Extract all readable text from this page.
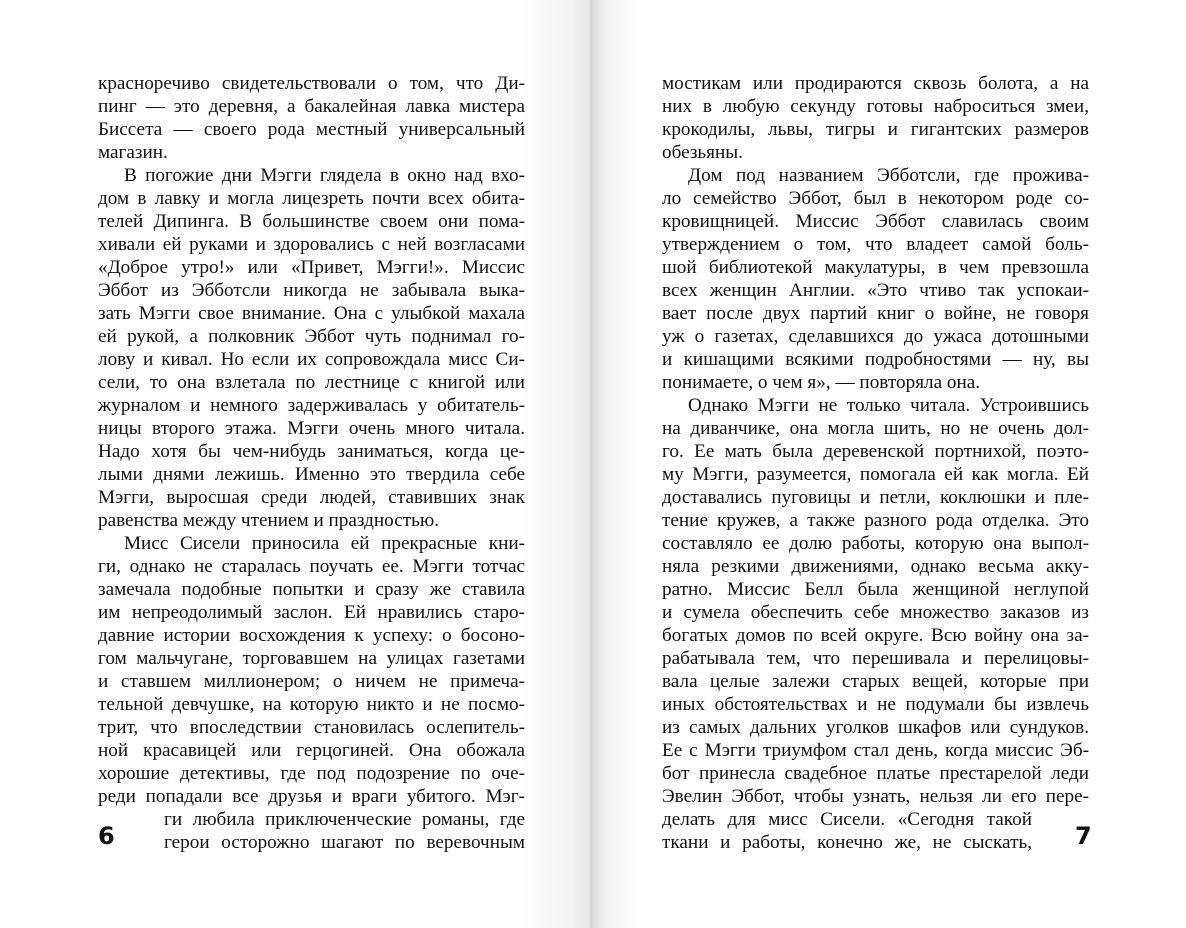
красноречиво свидетельствовали о том, что Ди-
пинг — это деревня, а бакалейная лавка мистера
Биссета — своего рода местный универсальный
магазин.
В погожие дни Мэгги глядела в окно над вхо-
дом в лавку и могла лицезреть почти всех обита-
телей Дипинга. В большинстве своем они пома-
хивали ей руками и здоровались с ней возгласами
«Доброе утро!» или «Привет, Мэгги!». Миссис
Эббот из Эбботсли никогда не забывала выка-
зать Мэгги свое внимание. Она с улыбкой махала
ей рукой, а полковник Эббот чуть поднимал го-
лову и кивал. Но если их сопровождала мисс Си-
сели, то она взлетала по лестнице с книгой или
журналом и немного задерживалась у обитатель-
ницы второго этажа. Мэгги очень много читала.
Надо хотя бы чем-нибудь заниматься, когда це-
лыми днями лежишь. Именно это твердила себе
Мэгги, выросшая среди людей, ставивших знак
равенства между чтением и праздностью.
Мисс Сисели приносила ей прекрасные кни-
ги, однако не старалась поучать ее. Мэгги тотчас
замечала подобные попытки и сразу же ставила
им непреодолимый заслон. Ей нравились старо-
давние истории восхождения к успеху: о босоно-
гом мальчугане, торговавшем на улицах газетами
и ставшем миллионером; о ничем не примеча-
тельной девчушке, на которую никто и не посмо-
трит, что впоследствии становилась ослепитель-
ной красавицей или герцогиней. Она обожала
хорошие детективы, где под подозрение по оче-
реди попадали все друзья и враги убитого. Мэг-
ги любила приключенческие романы, где
герои осторожно шагают по веревочным
6
мостикам или продираются сквозь болота, а на
них в любую секунду готовы наброситься змеи,
крокодилы, львы, тигры и гигантских размеров
обезьяны.
Дом под названием Эбботсли, где прожива-
ло семейство Эббот, был в некотором роде со-
кровищницей. Миссис Эббот славилась своим
утверждением о том, что владеет самой боль-
шой библиотекой макулатуры, в чем превзошла
всех женщин Англии. «Это чтиво так успокаи-
вает после двух партий книг о войне, не говоря
уж о газетах, сделавшихся до ужаса дотошными
и кишащими всякими подробностями — ну, вы
понимаете, о чем я», — повторяла она.
Однако Мэгги не только читала. Устроившись
на диванчике, она могла шить, но не очень дол-
го. Ее мать была деревенской портнихой, поэто-
му Мэгги, разумеется, помогала ей как могла. Ей
доставались пуговицы и петли, коклюшки и пле-
тение кружев, а также разного рода отделка. Это
составляло ее долю работы, которую она выпол-
няла резкими движениями, однако весьма акку-
ратно. Миссис Белл была женщиной неглупой
и сумела обеспечить себе множество заказов из
богатых домов по всей округе. Всю войну она за-
рабатывала тем, что перешивала и перелицовы-
вала целые залежи старых вещей, которые при
иных обстоятельствах и не подумали бы извлечь
из самых дальних уголков шкафов или сундуков.
Ее с Мэгги триумфом стал день, когда миссис Эб-
бот принесла свадебное платье престарелой леди
Эвелин Эббот, чтобы узнать, нельзя ли его пере-
делать для мисс Сисели. «Сегодня такой
ткани и работы, конечно же, не сыскать, 7
